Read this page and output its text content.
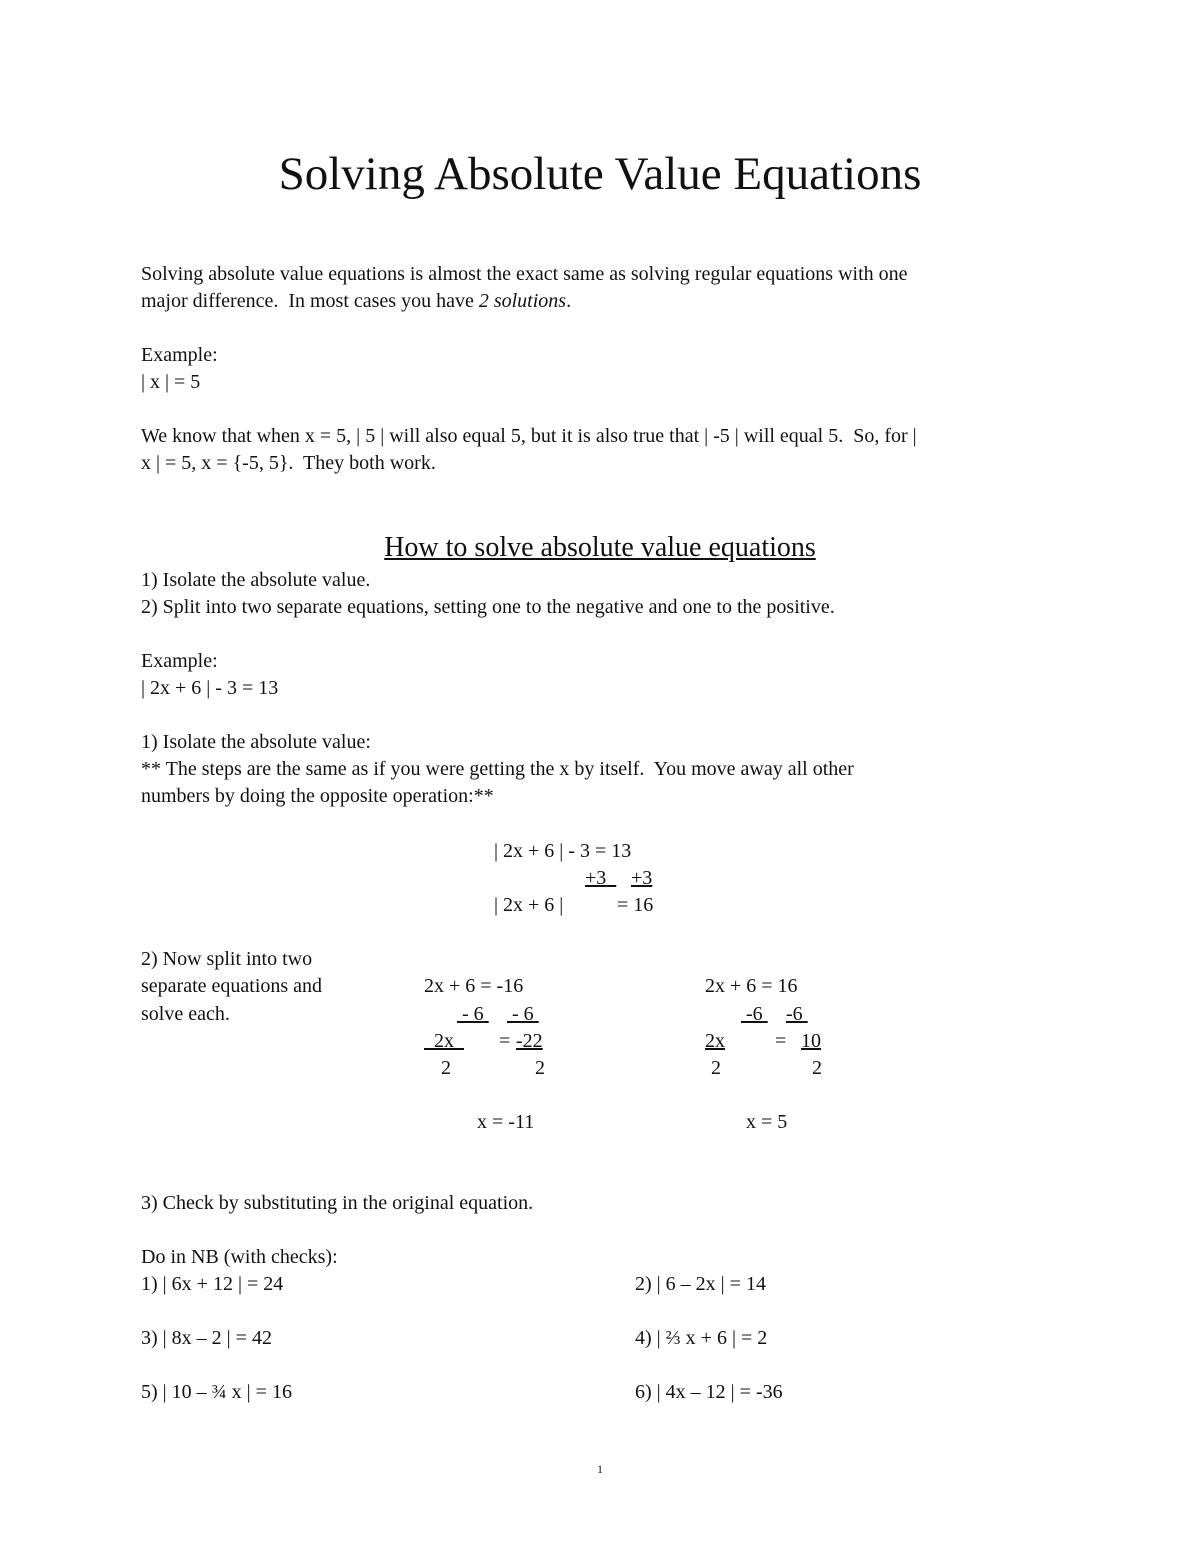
Solving Absolute Value Equations
Solving absolute value equations is almost the exact same as solving regular equations with one
major difference.  In most cases you have 2 solutions.
Example:
| x | = 5
We know that when x = 5, | 5 | will also equal 5, but it is also true that | -5 | will equal 5.  So, for |
x | = 5, x = {-5, 5}.  They both work.
How to solve absolute value equations
1) Isolate the absolute value.
2) Split into two separate equations, setting one to the negative and one to the positive.
Example:
| 2x + 6 | - 3 = 13
1) Isolate the absolute value:
** The steps are the same as if you were getting the x by itself.  You move away all other
numbers by doing the opposite operation:**
| 2x + 6 | - 3 = 13
+3	+3
| 2x + 6 |	= 16
2) Now split into two
separate equations and
solve each.
2x + 6 = -16
- 6 - 6
2x	= -22
2	2
x = -11
2x + 6 = 16
-6 -6
2x	= 10
2	2
x = 5
3) Check by substituting in the original equation.
Do in NB (with checks):
1) | 6x + 12 | = 24	2) | 6 – 2x | = 14
3) | 8x – 2 | = 42	4) | ⅔ x + 6 | = 2
5) | 10 – ¾ x | = 16	6) | 4x – 12 | = -36
1
